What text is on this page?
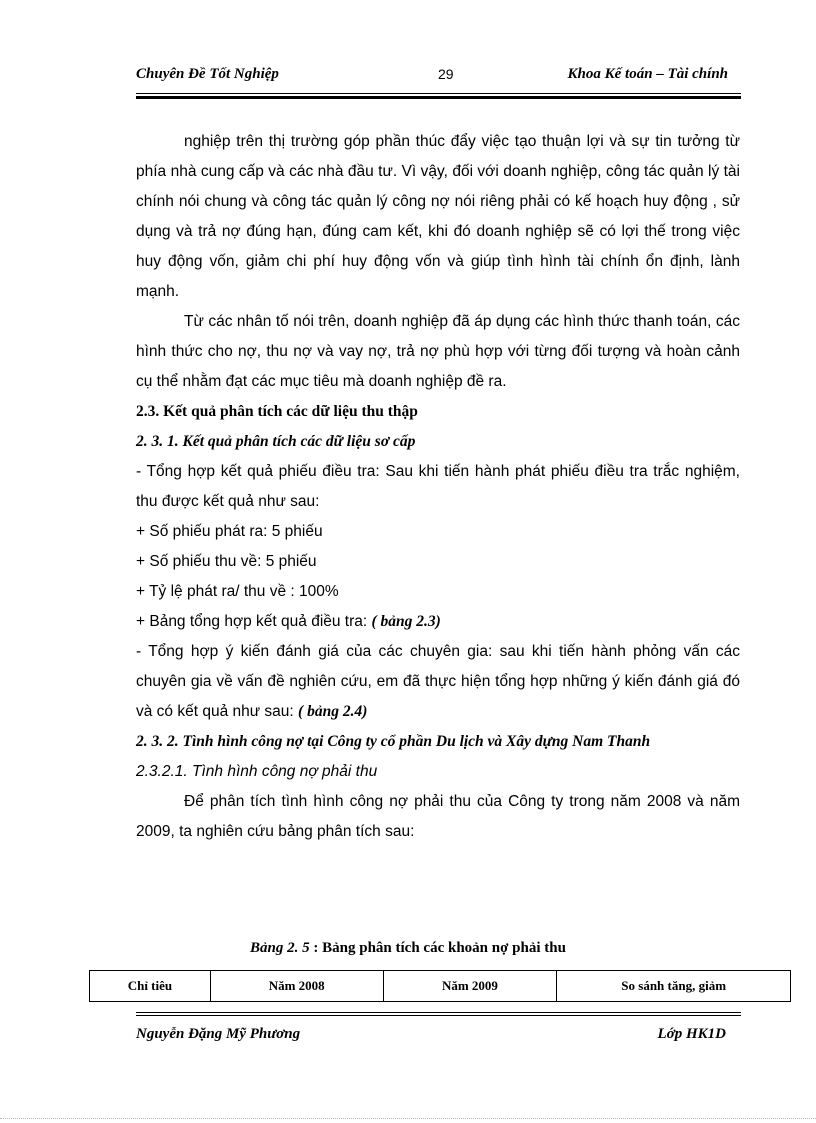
Chuyên Đề Tốt Nghiệp	29	Khoa Kế toán – Tài chính

nghiệp trên thị trường góp phần thúc đẩy việc tạo thuận lợi và sự tin tưởng từ phía nhà cung cấp và các nhà đầu tư. Vì vậy, đối với doanh nghiệp, công tác quản lý tài chính nói chung và công tác quản lý công nợ nói riêng phải có kế hoạch huy động , sử dụng và trả nợ đúng hạn, đúng cam kết, khi đó doanh nghiệp sẽ có lợi thế trong việc huy động vốn, giảm chi phí huy động vốn và giúp tình hình tài chính ổn định, lành mạnh.

Từ các nhân tố nói trên, doanh nghiệp đã áp dụng các hình thức thanh toán, các hình thức cho nợ, thu nợ và vay nợ, trả nợ phù hợp với từng đối tượng và hoàn cảnh cụ thể nhằm đạt các mục tiêu mà doanh nghiệp đề ra.

2.3. Kết quả phân tích các dữ liệu thu thập

2. 3. 1. Kết quả phân tích các dữ liệu sơ cấp

- Tổng hợp kết quả phiếu điều tra: Sau khi tiến hành phát phiếu điều tra trắc nghiệm, thu được kết quả như sau:

+ Số phiếu phát ra: 5 phiếu

+ Số phiếu thu về: 5 phiếu

+ Tỷ lệ phát ra/ thu về : 100%

+ Bảng tổng hợp kết quả điều tra: ( bảng 2.3)

- Tổng hợp ý kiến đánh giá của các chuyên gia: sau khi tiến hành phỏng vấn các chuyên gia về vấn đề nghiên cứu, em đã thực hiện tổng hợp những ý kiến đánh giá đó và có kết quả như sau: ( bảng 2.4)

2. 3. 2. Tình hình công nợ tại Công ty cổ phần Du lịch và Xây dựng Nam Thanh

2.3.2.1. Tình hình công nợ phải thu

Để phân tích tình hình công nợ phải thu của Công ty trong năm 2008 và năm 2009, ta nghiên cứu bảng phân tích sau:

Bảng 2. 5 : Bảng phân tích các khoản nợ phải thu
Chỉ tiêu	Năm 2008	Năm 2009	So sánh tăng, giảm
Nguyễn Đặng Mỹ Phương	Lớp HK1D
